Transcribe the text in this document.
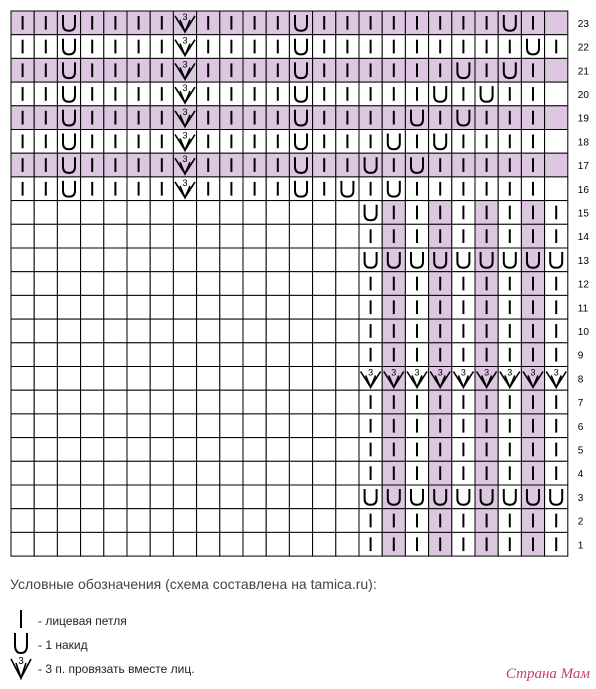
3
23
3
22
3
21
3
20
3
19
3
18
3
17
3
16
15
14
13
12
11
10
9
3 3 3 3 3 3 3 3 3
8
7
6
5
4
3
2
1
Условные обозначения (схема составлена на tamica.ru):
- лицевая петля
- 1 накид
3
- 3 п. провязать вместе лиц.	Страна Мам
